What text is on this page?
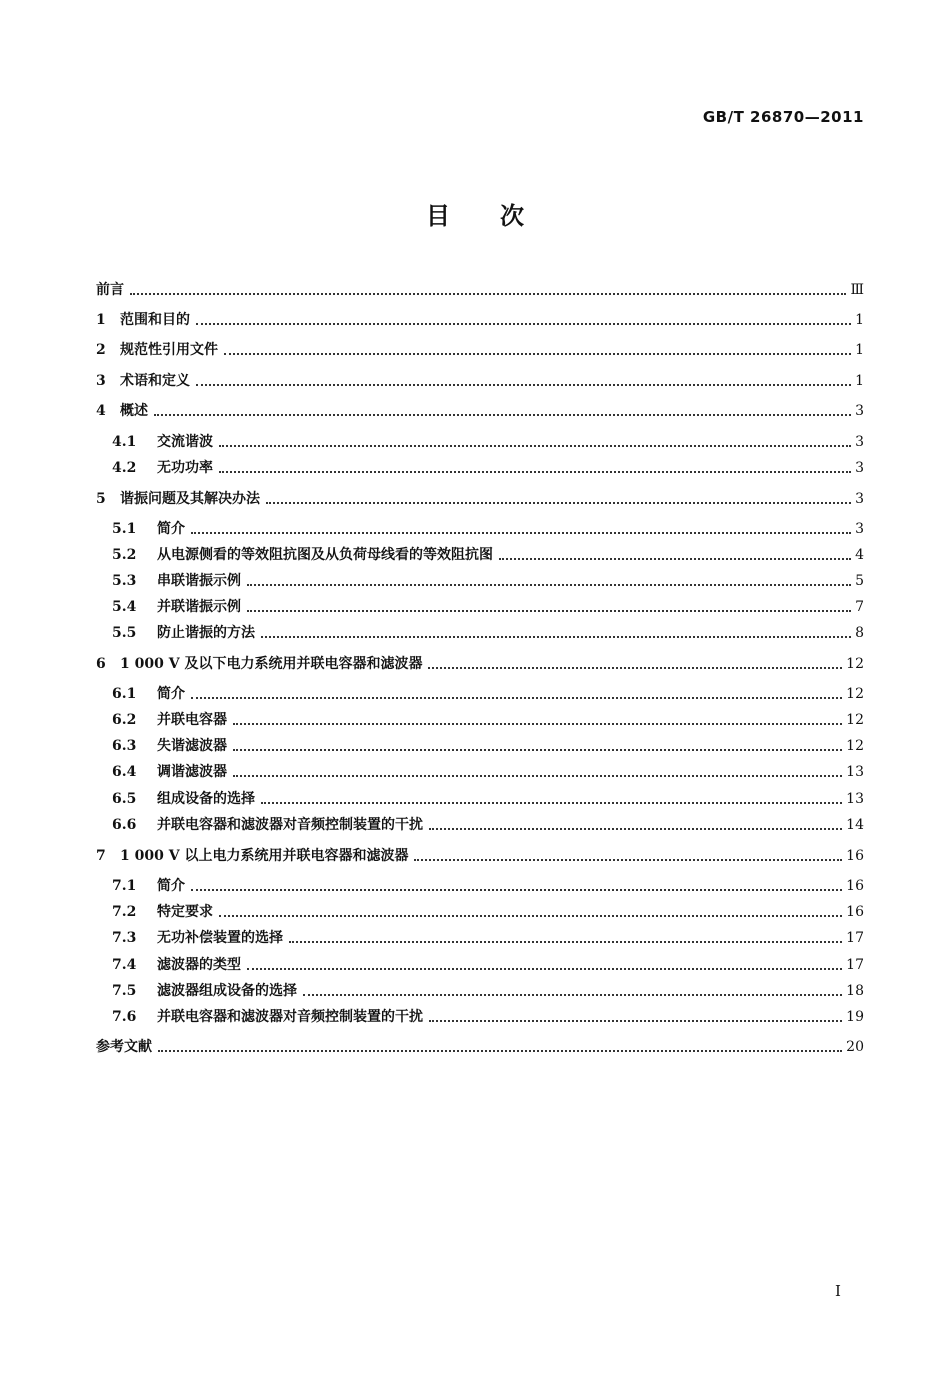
GB/T 26870—2011
目次
前言	Ⅲ
1	范围和目的	1
2	规范性引用文件	1
3	术语和定义	1
4	概述	3
4.1	交流谐波	3
4.2	无功功率	3
5	谐振问题及其解决办法	3
5.1	简介	3
5.2	从电源侧看的等效阻抗图及从负荷母线看的等效阻抗图	4
5.3	串联谐振示例	5
5.4	并联谐振示例	7
5.5	防止谐振的方法	8
6	1 000 V 及以下电力系统用并联电容器和滤波器	12
6.1	简介	12
6.2	并联电容器	12
6.3	失谐滤波器	12
6.4	调谐滤波器	13
6.5	组成设备的选择	13
6.6	并联电容器和滤波器对音频控制装置的干扰	14
7	1 000 V 以上电力系统用并联电容器和滤波器	16
7.1	简介	16
7.2	特定要求	16
7.3	无功补偿装置的选择	17
7.4	滤波器的类型	17
7.5	滤波器组成设备的选择	18
7.6	并联电容器和滤波器对音频控制装置的干扰	19
参考文献	20
I
